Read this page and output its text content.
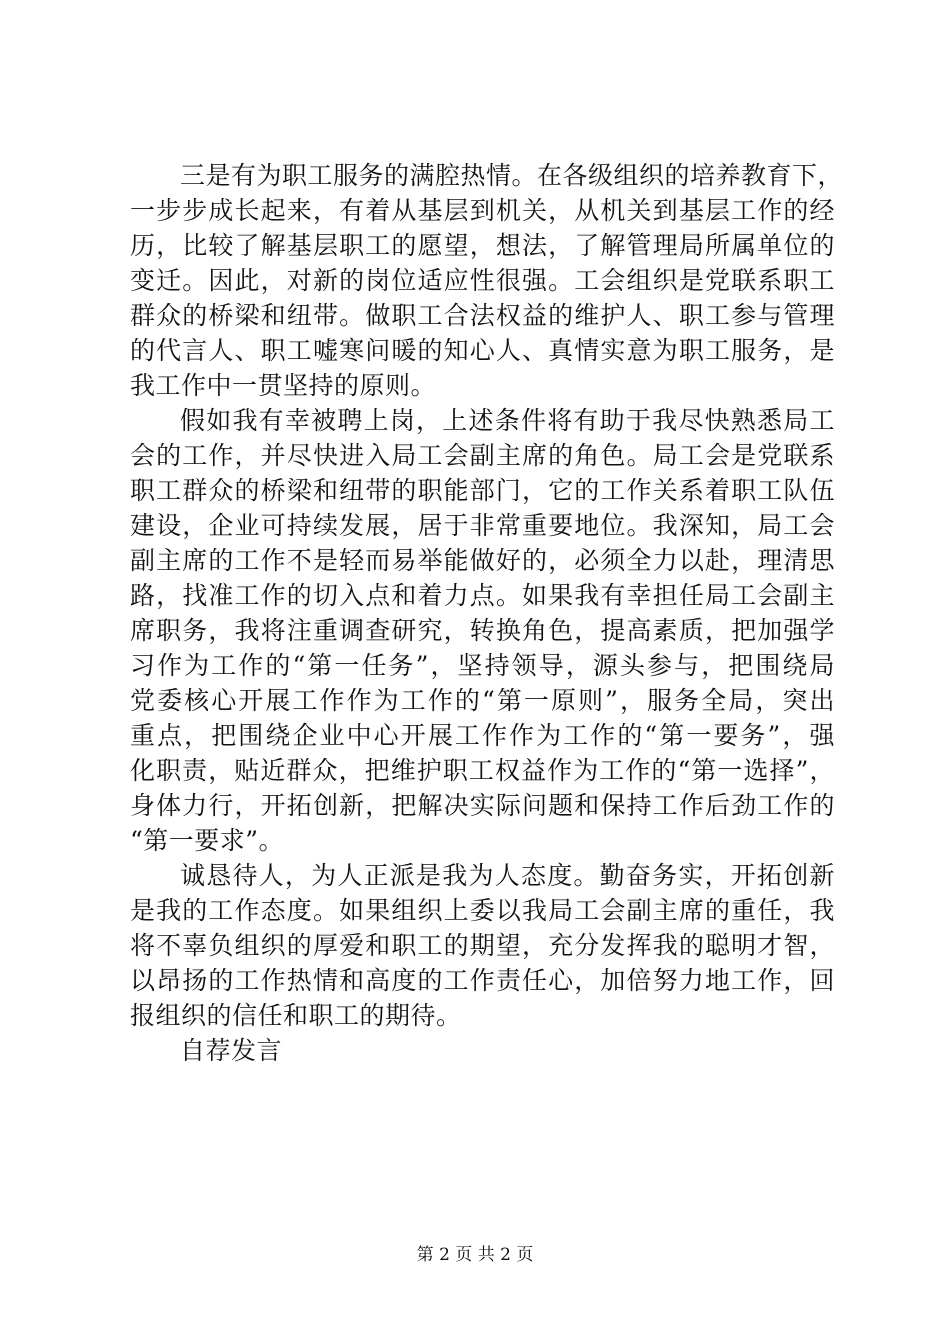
三是有为职工服务的满腔热情。在各级组织的培养教育下，
一步步成长起来，有着从基层到机关，从机关到基层工作的经
历，比较了解基层职工的愿望，想法，了解管理局所属单位的
变迁。因此，对新的岗位适应性很强。工会组织是党联系职工
群众的桥梁和纽带。做职工合法权益的维护人、职工参与管理
的代言人、职工嘘寒问暖的知心人、真情实意为职工服务，是
我工作中一贯坚持的原则。
假如我有幸被聘上岗，上述条件将有助于我尽快熟悉局工
会的工作，并尽快进入局工会副主席的角色。局工会是党联系
职工群众的桥梁和纽带的职能部门，它的工作关系着职工队伍
建设，企业可持续发展，居于非常重要地位。我深知，局工会
副主席的工作不是轻而易举能做好的，必须全力以赴，理清思
路，找准工作的切入点和着力点。如果我有幸担任局工会副主
席职务，我将注重调查研究，转换角色，提高素质，把加强学
习作为工作的“第一任务”，坚持领导，源头参与，把围绕局
党委核心开展工作作为工作的“第一原则”，服务全局，突出
重点，把围绕企业中心开展工作作为工作的“第一要务”，强
化职责，贴近群众，把维护职工权益作为工作的“第一选择”，
身体力行，开拓创新，把解决实际问题和保持工作后劲工作的
“第一要求”。
诚恳待人，为人正派是我为人态度。勤奋务实，开拓创新
是我的工作态度。如果组织上委以我局工会副主席的重任，我
将不辜负组织的厚爱和职工的期望，充分发挥我的聪明才智，
以昂扬的工作热情和高度的工作责任心，加倍努力地工作，回
报组织的信任和职工的期待。
自荐发言
第 2 页 共 2 页
